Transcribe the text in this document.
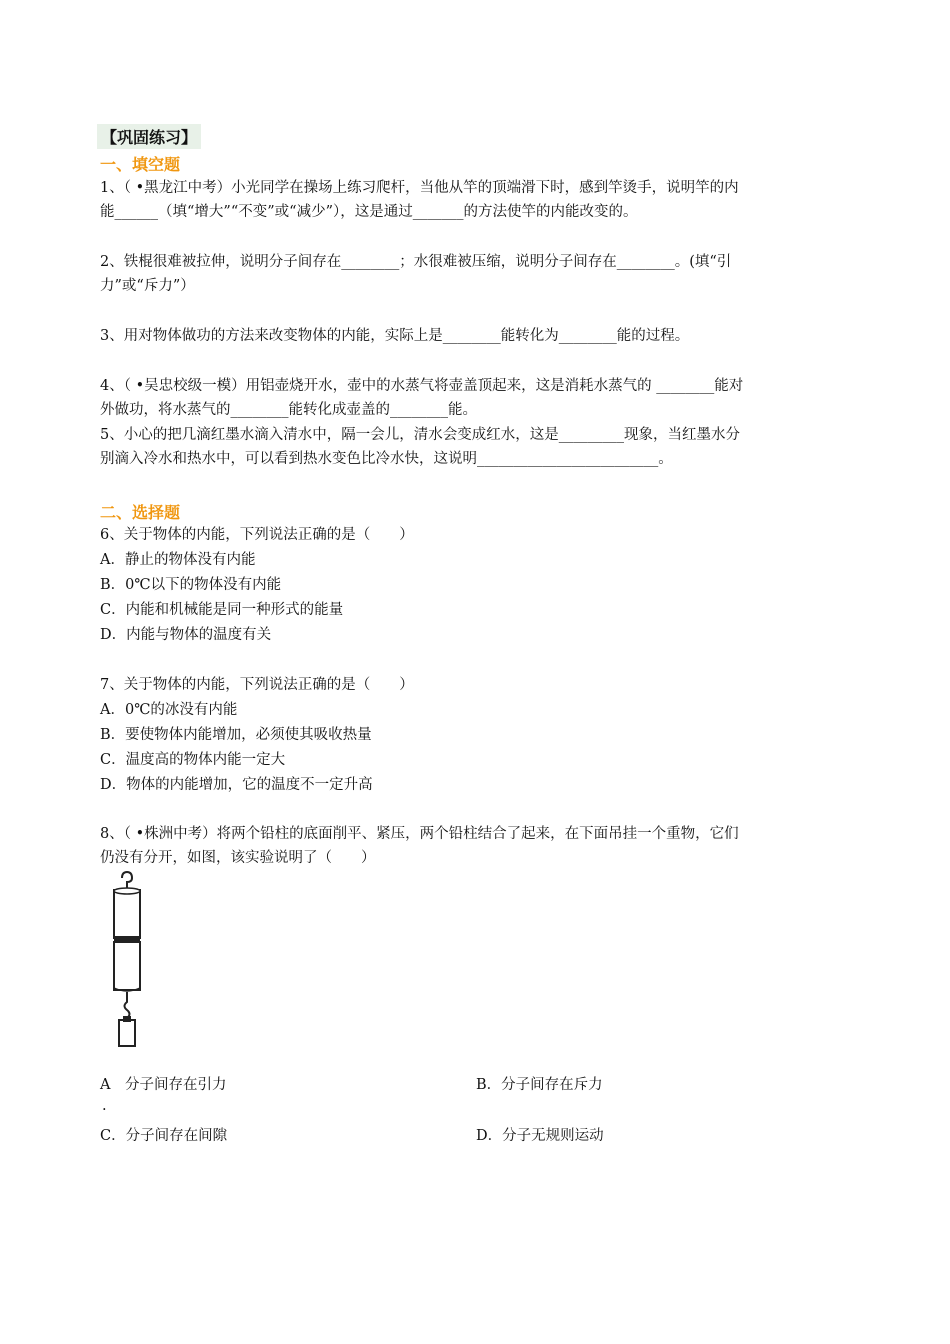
【巩固练习】
一、填空题
1、（ •黑龙江中考）小光同学在操场上练习爬杆，当他从竿的顶端滑下时，感到竿烫手，说明竿的内
能______（填“增大”“不变”或“减少”），这是通过_______的方法使竿的内能改变的。
2、铁棍很难被拉伸，说明分子间存在________；水很难被压缩，说明分子间存在________。(填“引
力”或“斥力”）
3、用对物体做功的方法来改变物体的内能，实际上是________能转化为________能的过程。
4、（ •吴忠校级一模）用铝壶烧开水，壶中的水蒸气将壶盖顶起来，这是消耗水蒸气的 ________能对
外做功，将水蒸气的________能转化成壶盖的________能。
5、小心的把几滴红墨水滴入清水中，隔一会儿，清水会变成红水，这是_________现象，当红墨水分
别滴入冷水和热水中，可以看到热水变色比冷水快，这说明_________________________。
二、选择题
6、关于物体的内能，下列说法正确的是（　　）
A．静止的物体没有内能
B．0℃以下的物体没有内能
C．内能和机械能是同一种形式的能量
D．内能与物体的温度有关
7、关于物体的内能，下列说法正确的是（　　）
A．0℃的冰没有内能
B．要使物体内能增加，必须使其吸收热量
C．温度高的物体内能一定大
D．物体的内能增加，它的温度不一定升高
8、（ •株洲中考）将两个铅柱的底面削平、紧压，两个铅柱结合了起来，在下面吊挂一个重物，它们
仍没有分开，如图，该实验说明了（　　）
A　分子间存在引力	B．分子间存在斥力
.
C．分子间存在间隙	D．分子无规则运动
